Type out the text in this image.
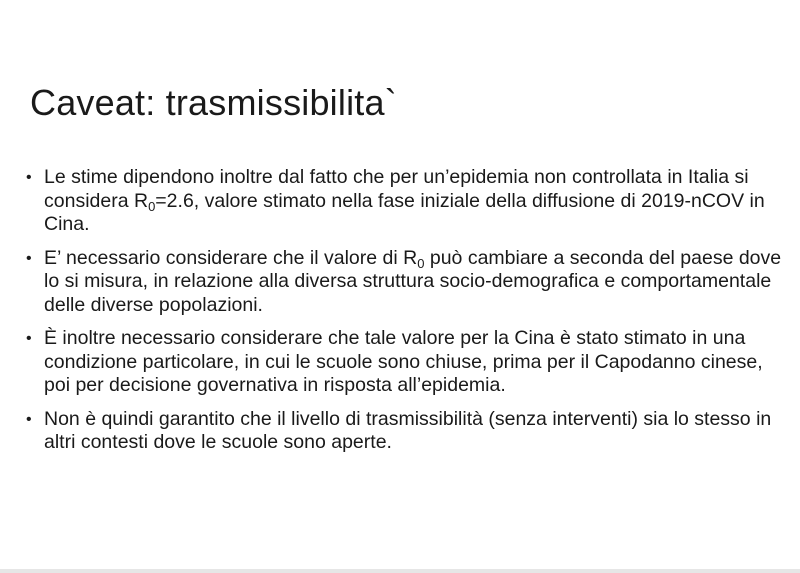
Caveat: trasmissibilita`
• Le stime dipendono inoltre dal fatto che per un’epidemia non controllata in Italia si considera $R_0=2.6$, valore stimato nella fase iniziale della diffusione di 2019-nCOV in Cina.
• E’ necessario considerare che il valore di $R_0$ può cambiare a seconda del paese dove lo si misura, in relazione alla diversa struttura socio-demografica e comportamentale delle diverse popolazioni.
• È inoltre necessario considerare che tale valore per la Cina è stato stimato in una condizione particolare, in cui le scuole sono chiuse, prima per il Capodanno cinese, poi per decisione governativa in risposta all’epidemia.
• Non è quindi garantito che il livello di trasmissibilità (senza interventi) sia lo stesso in altri contesti dove le scuole sono aperte.
